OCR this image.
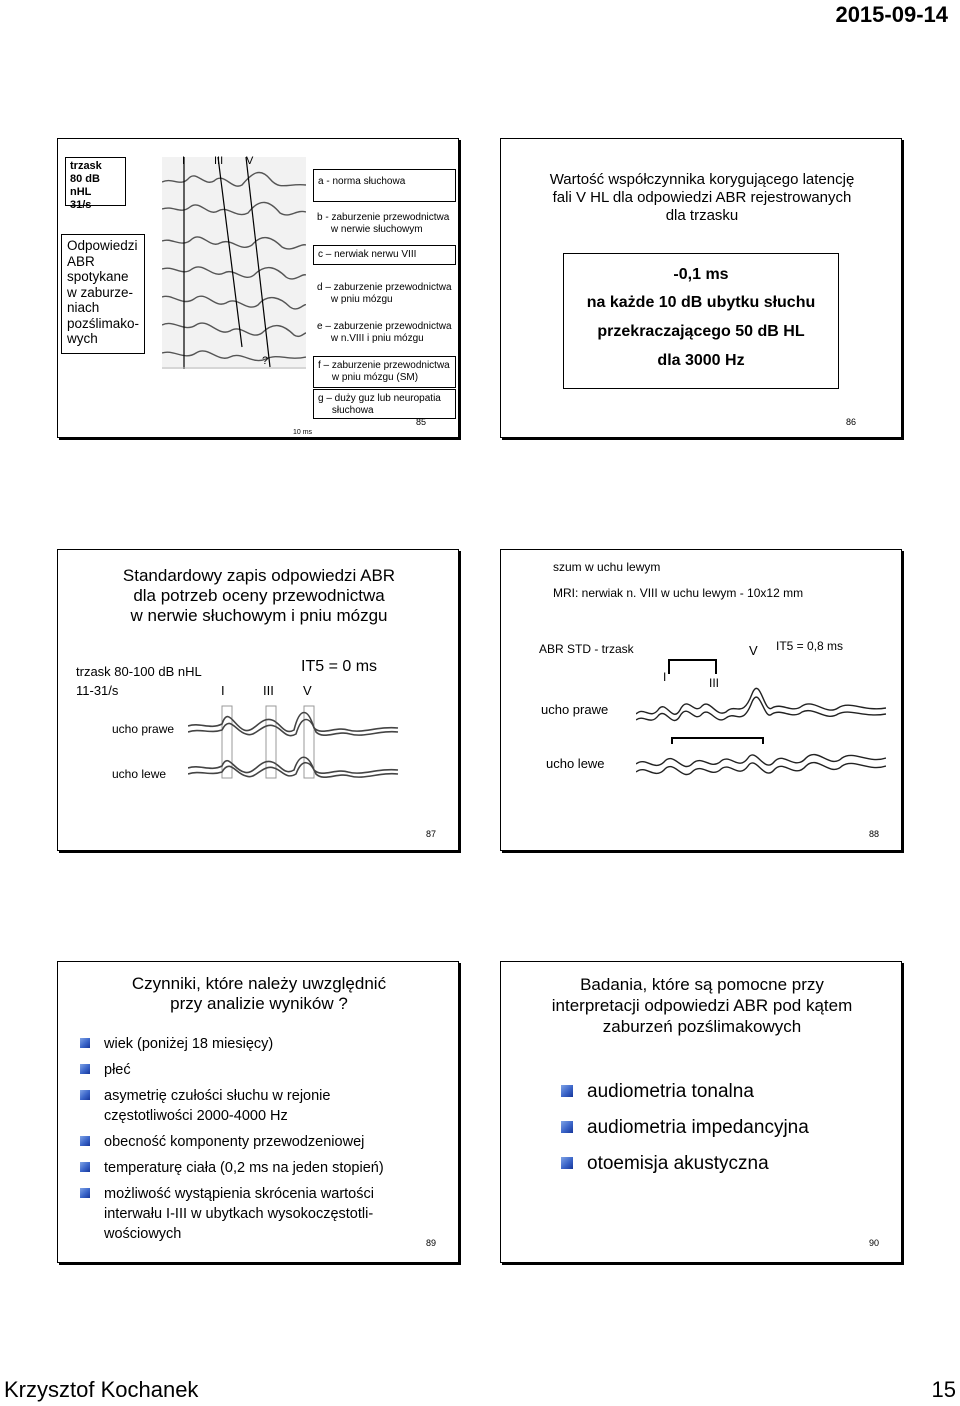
2015-09-14
Krzysztof Kochanek	15
trzask
80 dB nHL
31/s
Odpowiedzi
ABR
spotykane
w zaburze-
niach
pozślimako-
wych
I	III V
?
10 ms
a - norma słuchowa
b - zaburzenie przewodnictwa
w nerwie słuchowym
c – nerwiak nerwu VIII
d – zaburzenie przewodnictwa
w pniu mózgu
e – zaburzenie przewodnictwa
w n.VIII i pniu mózgu
f – zaburzenie przewodnictwa
w pniu mózgu (SM)
g – duży guz lub neuropatia
słuchowa
85
Wartość współczynnika korygującego latencję fali V HL dla odpowiedzi ABR rejestrowanych dla trzasku
-0,1 ms
na każde 10 dB ubytku słuchu
przekraczającego 50 dB HL
dla 3000 Hz
86
Standardowy zapis odpowiedzi ABR
dla potrzeb oceny przewodnictwa
w nerwie słuchowym i pniu mózgu
trzask 80-100 dB nHL
11-31/s	I	III V
IT5 = 0 ms
ucho prawe
ucho lewe
87
szum w uchu lewym
MRI: nerwiak n. VIII w uchu lewym - 10x12 mm
ABR STD - trzask	V IT5 = 0,8 ms
I	III
ucho prawe
ucho lewe
88
Czynniki, które należy uwzględnić
przy analizie wyników ?
wiek (poniżej 18 miesięcy)
płeć
asymetrię czułości słuchu w rejonie
częstotliwości 2000-4000 Hz
obecność komponenty przewodzeniowej
temperaturę ciała (0,2 ms na jeden stopień)
możliwość wystąpienia skrócenia wartości
interwału I-III w ubytkach wysokoczęstotli-
wościowych
89
Badania, które są pomocne przy
interpretacji odpowiedzi ABR pod kątem
zaburzeń pozślimakowych
audiometria tonalna
audiometria impedancyjna
otoemisja akustyczna
90
